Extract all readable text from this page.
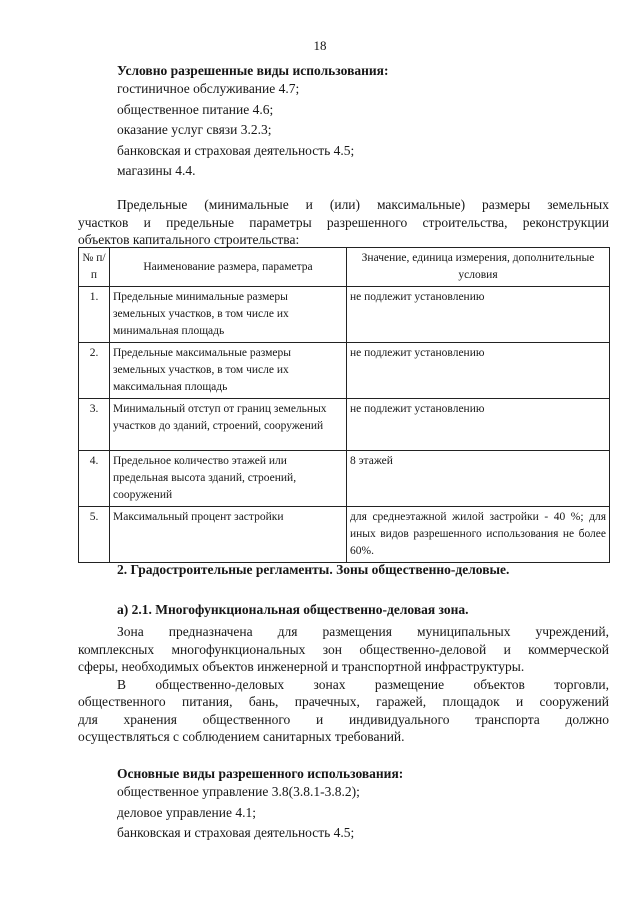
18
Условно разрешенные виды использования:
гостиничное обслуживание 4.7;
общественное питание 4.6;
оказание услуг связи 3.2.3;
банковская и страховая деятельность 4.5;
магазины 4.4.
Предельные (минимальные и (или) максимальные) размеры земельных
участков и предельные параметры разрешенного строительства, реконструкции
объектов капитального строительства:
№ п/п	Наименование размера, параметра	Значение, единица измерения, дополнительные условия
1.	Предельные минимальные размеры земельных участков, в том числе их минимальная площадь	не подлежит установлению
2.	Предельные максимальные размеры земельных участков, в том числе их максимальная площадь	не подлежит установлению
3.	Минимальный отступ от границ земельных участков до зданий, строений, сооружений	не подлежит установлению
4.	Предельное количество этажей или предельная высота зданий, строений, сооружений	8 этажей
5.	Максимальный процент застройки	для среднеэтажной жилой застройки - 40 %; для иных видов разрешенного использования не более 60%.
2. Градостроительные регламенты. Зоны общественно-деловые.
а) 2.1. Многофункциональная общественно-деловая зона.
Зона предназначена для размещения муниципальных учреждений,
комплексных многофункциональных зон общественно-деловой и коммерческой
сферы, необходимых объектов инженерной и транспортной инфраструктуры.
В общественно-деловых зонах размещение объектов торговли,
общественного питания, бань, прачечных, гаражей, площадок и сооружений
для хранения общественного и индивидуального транспорта должно
осуществляться с соблюдением санитарных требований.
Основные виды разрешенного использования:
общественное управление 3.8(3.8.1-3.8.2);
деловое управление 4.1;
банковская и страховая деятельность 4.5;
